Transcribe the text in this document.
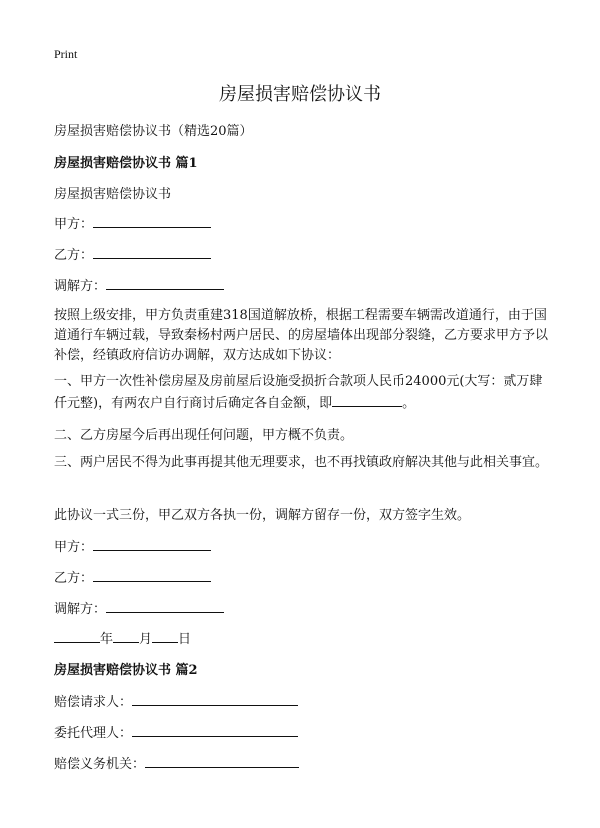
Print
房屋损害赔偿协议书
房屋损害赔偿协议书（精选20篇）
房屋损害赔偿协议书 篇1
房屋损害赔偿协议书
甲方：
乙方：
调解方：
按照上级安排，甲方负责重建318国道解放桥，根据工程需要车辆需改道通行，由于国道通行车辆过载，导致秦杨村两户居民、的房屋墙体出现部分裂缝，乙方要求甲方予以补偿，经镇政府信访办调解，双方达成如下协议：
一、甲方一次性补偿房屋及房前屋后设施受损折合款项人民币24000元(大写：贰万肆仟元整)，有两农户自行商讨后确定各自金额，即	。
二、乙方房屋今后再出现任何问题，甲方概不负责。
三、两户居民不得为此事再提其他无理要求，也不再找镇政府解决其他与此相关事宜。
此协议一式三份，甲乙双方各执一份，调解方留存一份，双方签字生效。
甲方：
乙方：
调解方：
年 月 日
房屋损害赔偿协议书 篇2
赔偿请求人：
委托代理人：
赔偿义务机关：
